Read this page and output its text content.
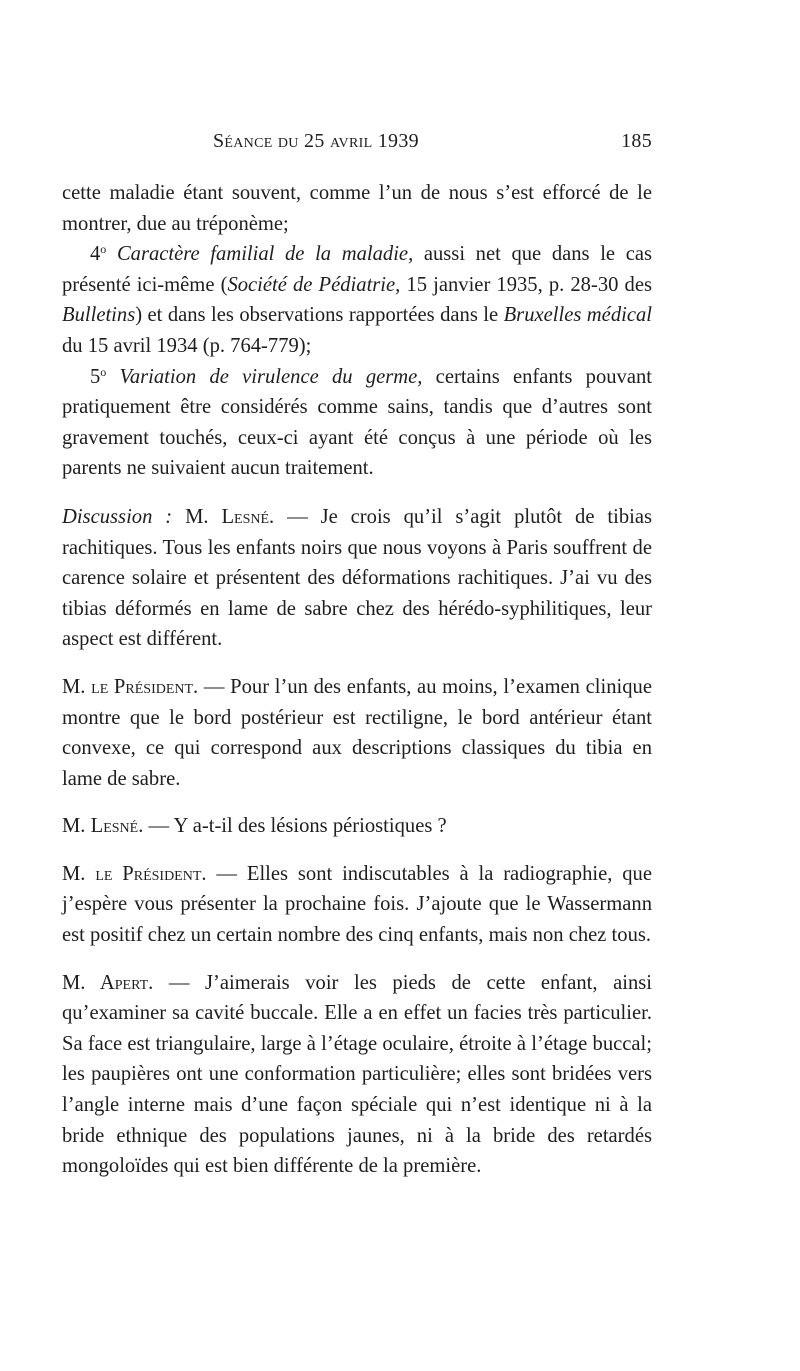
Séance du 25 avril 1939	185

cette maladie étant souvent, comme l’un de nous s’est efforcé de le montrer, due au tréponème;

4$^o$ Caractère familial de la maladie, aussi net que dans le cas présenté ici-même (Société de Pédiatrie, 15 janvier 1935, p. 28-30 des Bulletins) et dans les observations rapportées dans le Bruxelles médical du 15 avril 1934 (p. 764-779);

5$^o$ Variation de virulence du germe, certains enfants pouvant pratiquement être considérés comme sains, tandis que d’autres sont gravement touchés, ceux-ci ayant été conçus à une période où les parents ne suivaient aucun traitement.

Discussion : M. Lesné. — Je crois qu’il s’agit plutôt de tibias rachitiques. Tous les enfants noirs que nous voyons à Paris souffrent de carence solaire et présentent des déformations rachitiques. J’ai vu des tibias déformés en lame de sabre chez des hérédo-syphilitiques, leur aspect est différent.

M. le Président. — Pour l’un des enfants, au moins, l’examen clinique montre que le bord postérieur est rectiligne, le bord antérieur étant convexe, ce qui correspond aux descriptions classiques du tibia en lame de sabre.

M. Lesné. — Y a-t-il des lésions périostiques ?

M. le Président. — Elles sont indiscutables à la radiographie, que j’espère vous présenter la prochaine fois. J’ajoute que le Wassermann est positif chez un certain nombre des cinq enfants, mais non chez tous.

M. Apert. — J’aimerais voir les pieds de cette enfant, ainsi qu’examiner sa cavité buccale. Elle a en effet un facies très particulier. Sa face est triangulaire, large à l’étage oculaire, étroite à l’étage buccal; les paupières ont une conformation particulière; elles sont bridées vers l’angle interne mais d’une façon spéciale qui n’est identique ni à la bride ethnique des populations jaunes, ni à la bride des retardés mongoloïdes qui est bien différente de la première.
